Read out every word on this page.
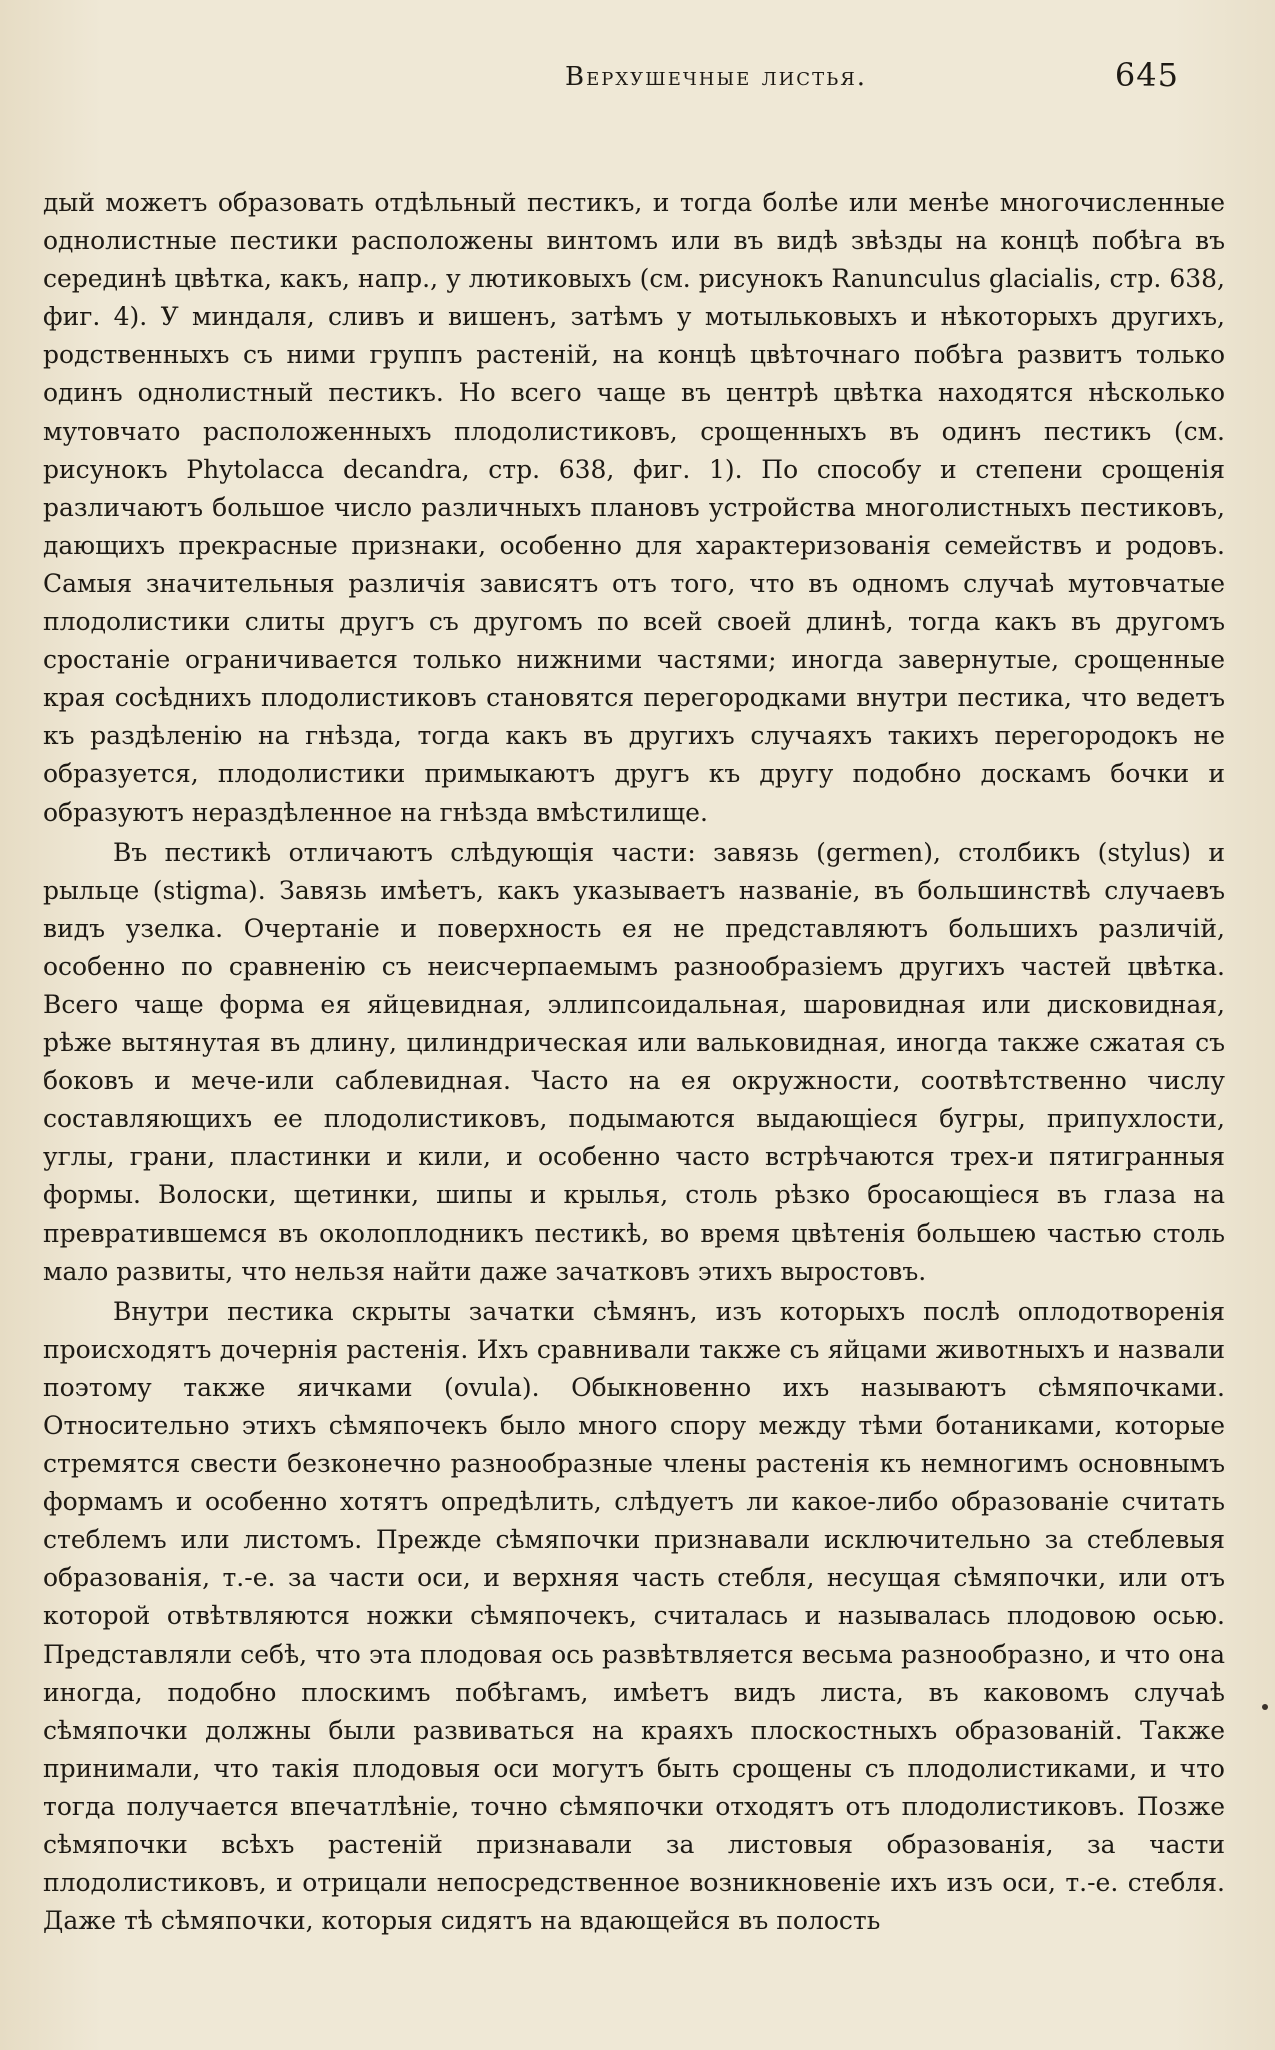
Верхушечные листья.	645

дый можетъ образовать отдѣльный пестикъ, и тогда болѣе или менѣе многочисленные однолистные пестики расположены винтомъ или въ видѣ звѣзды на концѣ побѣга въ серединѣ цвѣтка, какъ, напр., у лютиковыхъ (см. рисунокъ Ranunculus glacialis, стр. 638, фиг. 4). У миндаля, сливъ и вишенъ, затѣмъ у мотыльковыхъ и нѣкоторыхъ другихъ, родственныхъ съ ними группъ растеній, на концѣ цвѣточнаго побѣга развитъ только одинъ однолистный пестикъ. Но всего чаще въ центрѣ цвѣтка находятся нѣсколько мутовчато расположенныхъ плодолистиковъ, срощенныхъ въ одинъ пестикъ (см. рисунокъ Phytolacca decandra, стр. 638, фиг. 1). По способу и степени срощенія различаютъ большое число различныхъ плановъ устройства многолистныхъ пестиковъ, дающихъ прекрасные признаки, особенно для характеризованія семействъ и родовъ. Самыя значительныя различія зависятъ отъ того, что въ одномъ случаѣ мутовчатые плодолистики слиты другъ съ другомъ по всей своей длинѣ, тогда какъ въ другомъ сростаніе ограничивается только нижними частями; иногда завернутые, срощенные края сосѣднихъ плодолистиковъ становятся перегородками внутри пестика, что ведетъ къ раздѣленію на гнѣзда, тогда какъ въ другихъ случаяхъ такихъ перегородокъ не образуется, плодолистики примыкаютъ другъ къ другу подобно доскамъ бочки и образуютъ нераздѣленное на гнѣзда вмѣстилище.

Въ пестикѣ отличаютъ слѣдующія части: завязь (germen), столбикъ (stylus) и рыльце (stigma). Завязь имѣетъ, какъ указываетъ названіе, въ большинствѣ случаевъ видъ узелка. Очертаніе и поверхность ея не представляютъ большихъ различій, особенно по сравненію съ неисчерпаемымъ разнообразіемъ другихъ частей цвѣтка. Всего чаще форма ея яйцевидная, эллипсоидальная, шаровидная или дисковидная, рѣже вытянутая въ длину, цилиндрическая или вальковидная, иногда также сжатая съ боковъ и мече-или саблевидная. Часто на ея окружности, соотвѣтственно числу составляющихъ ее плодолистиковъ, подымаются выдающіеся бугры, припухлости, углы, грани, пластинки и кили, и особенно часто встрѣчаются трех-и пятигранныя формы. Волоски, щетинки, шипы и крылья, столь рѣзко бросающіеся въ глаза на превратившемся въ околоплодникъ пестикѣ, во время цвѣтенія большею частью столь мало развиты, что нельзя найти даже зачатковъ этихъ выростовъ.

Внутри пестика скрыты зачатки сѣмянъ, изъ которыхъ послѣ оплодотворенія происходятъ дочернія растенія. Ихъ сравнивали также съ яйцами животныхъ и назвали поэтому также яичками (ovula). Обыкновенно ихъ называютъ сѣмяпочками. Относительно этихъ сѣмяпочекъ было много спору между тѣми ботаниками, которые стремятся свести безконечно разнообразные члены растенія къ немногимъ основнымъ формамъ и особенно хотятъ опредѣлить, слѣдуетъ ли какое-либо образованіе считать стеблемъ или листомъ. Прежде сѣмяпочки признавали исключительно за стеблевыя образованія, т.-е. за части оси, и верхняя часть стебля, несущая сѣмяпочки, или отъ которой отвѣтвляются ножки сѣмяпочекъ, считалась и называлась плодовою осью. Представляли себѣ, что эта плодовая ось развѣтвляется весьма разнообразно, и что она иногда, подобно плоскимъ побѣгамъ, имѣетъ видъ листа, въ каковомъ случаѣ сѣмяпочки должны были развиваться на краяхъ плоскостныхъ образованій. Также принимали, что такія плодовыя оси могутъ быть срощены съ плодолистиками, и что тогда получается впечатлѣніе, точно сѣмяпочки отходятъ отъ плодолистиковъ. Позже сѣмяпочки всѣхъ растеній признавали за листовыя образованія, за части плодолистиковъ, и отрицали непосредственное возникновеніе ихъ изъ оси, т.-е. стебля. Даже тѣ сѣмяпочки, которыя сидятъ на вдающейся въ полость
